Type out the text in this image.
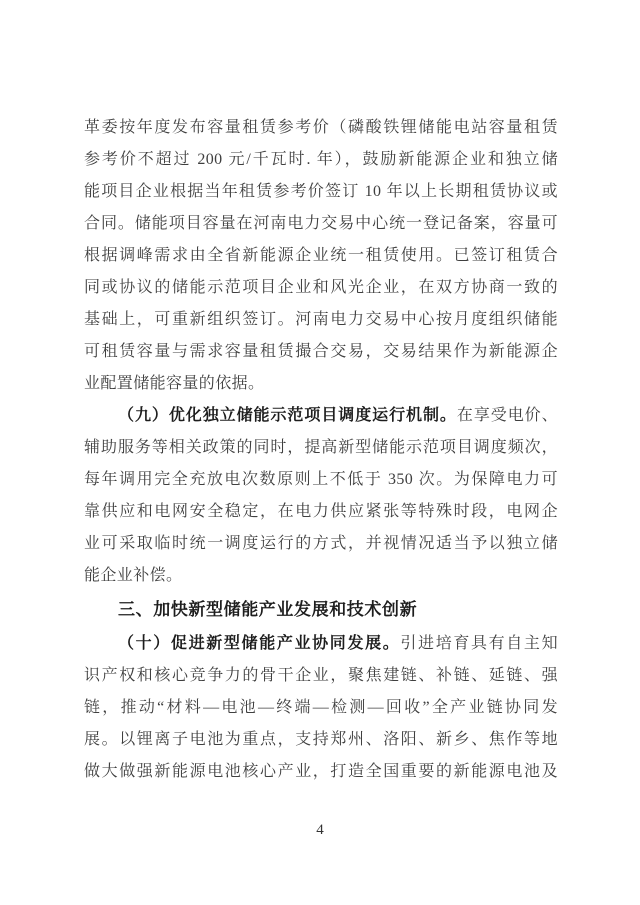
革委按年度发布容量租赁参考价（磷酸铁锂储能电站容量租赁
参考价不超过 200 元/千瓦时. 年），鼓励新能源企业和独立储
能项目企业根据当年租赁参考价签订 10 年以上长期租赁协议或
合同。储能项目容量在河南电力交易中心统一登记备案，容量可
根据调峰需求由全省新能源企业统一租赁使用。已签订租赁合
同或协议的储能示范项目企业和风光企业，在双方协商一致的
基础上，可重新组织签订。河南电力交易中心按月度组织储能
可租赁容量与需求容量租赁撮合交易，交易结果作为新能源企
业配置储能容量的依据。

（九）优化独立储能示范项目调度运行机制。在享受电价、
辅助服务等相关政策的同时，提高新型储能示范项目调度频次，
每年调用完全充放电次数原则上不低于 350 次。为保障电力可
靠供应和电网安全稳定，在电力供应紧张等特殊时段，电网企
业可采取临时统一调度运行的方式，并视情况适当予以独立储
能企业补偿。

三、加快新型储能产业发展和技术创新

（十）促进新型储能产业协同发展。引进培育具有自主知
识产权和核心竞争力的骨干企业，聚焦建链、补链、延链、强
链，推动“材料—电池—终端—检测—回收”全产业链协同发
展。以锂离子电池为重点，支持郑州、洛阳、新乡、焦作等地
做大做强新能源电池核心产业，打造全国重要的新能源电池及

4
